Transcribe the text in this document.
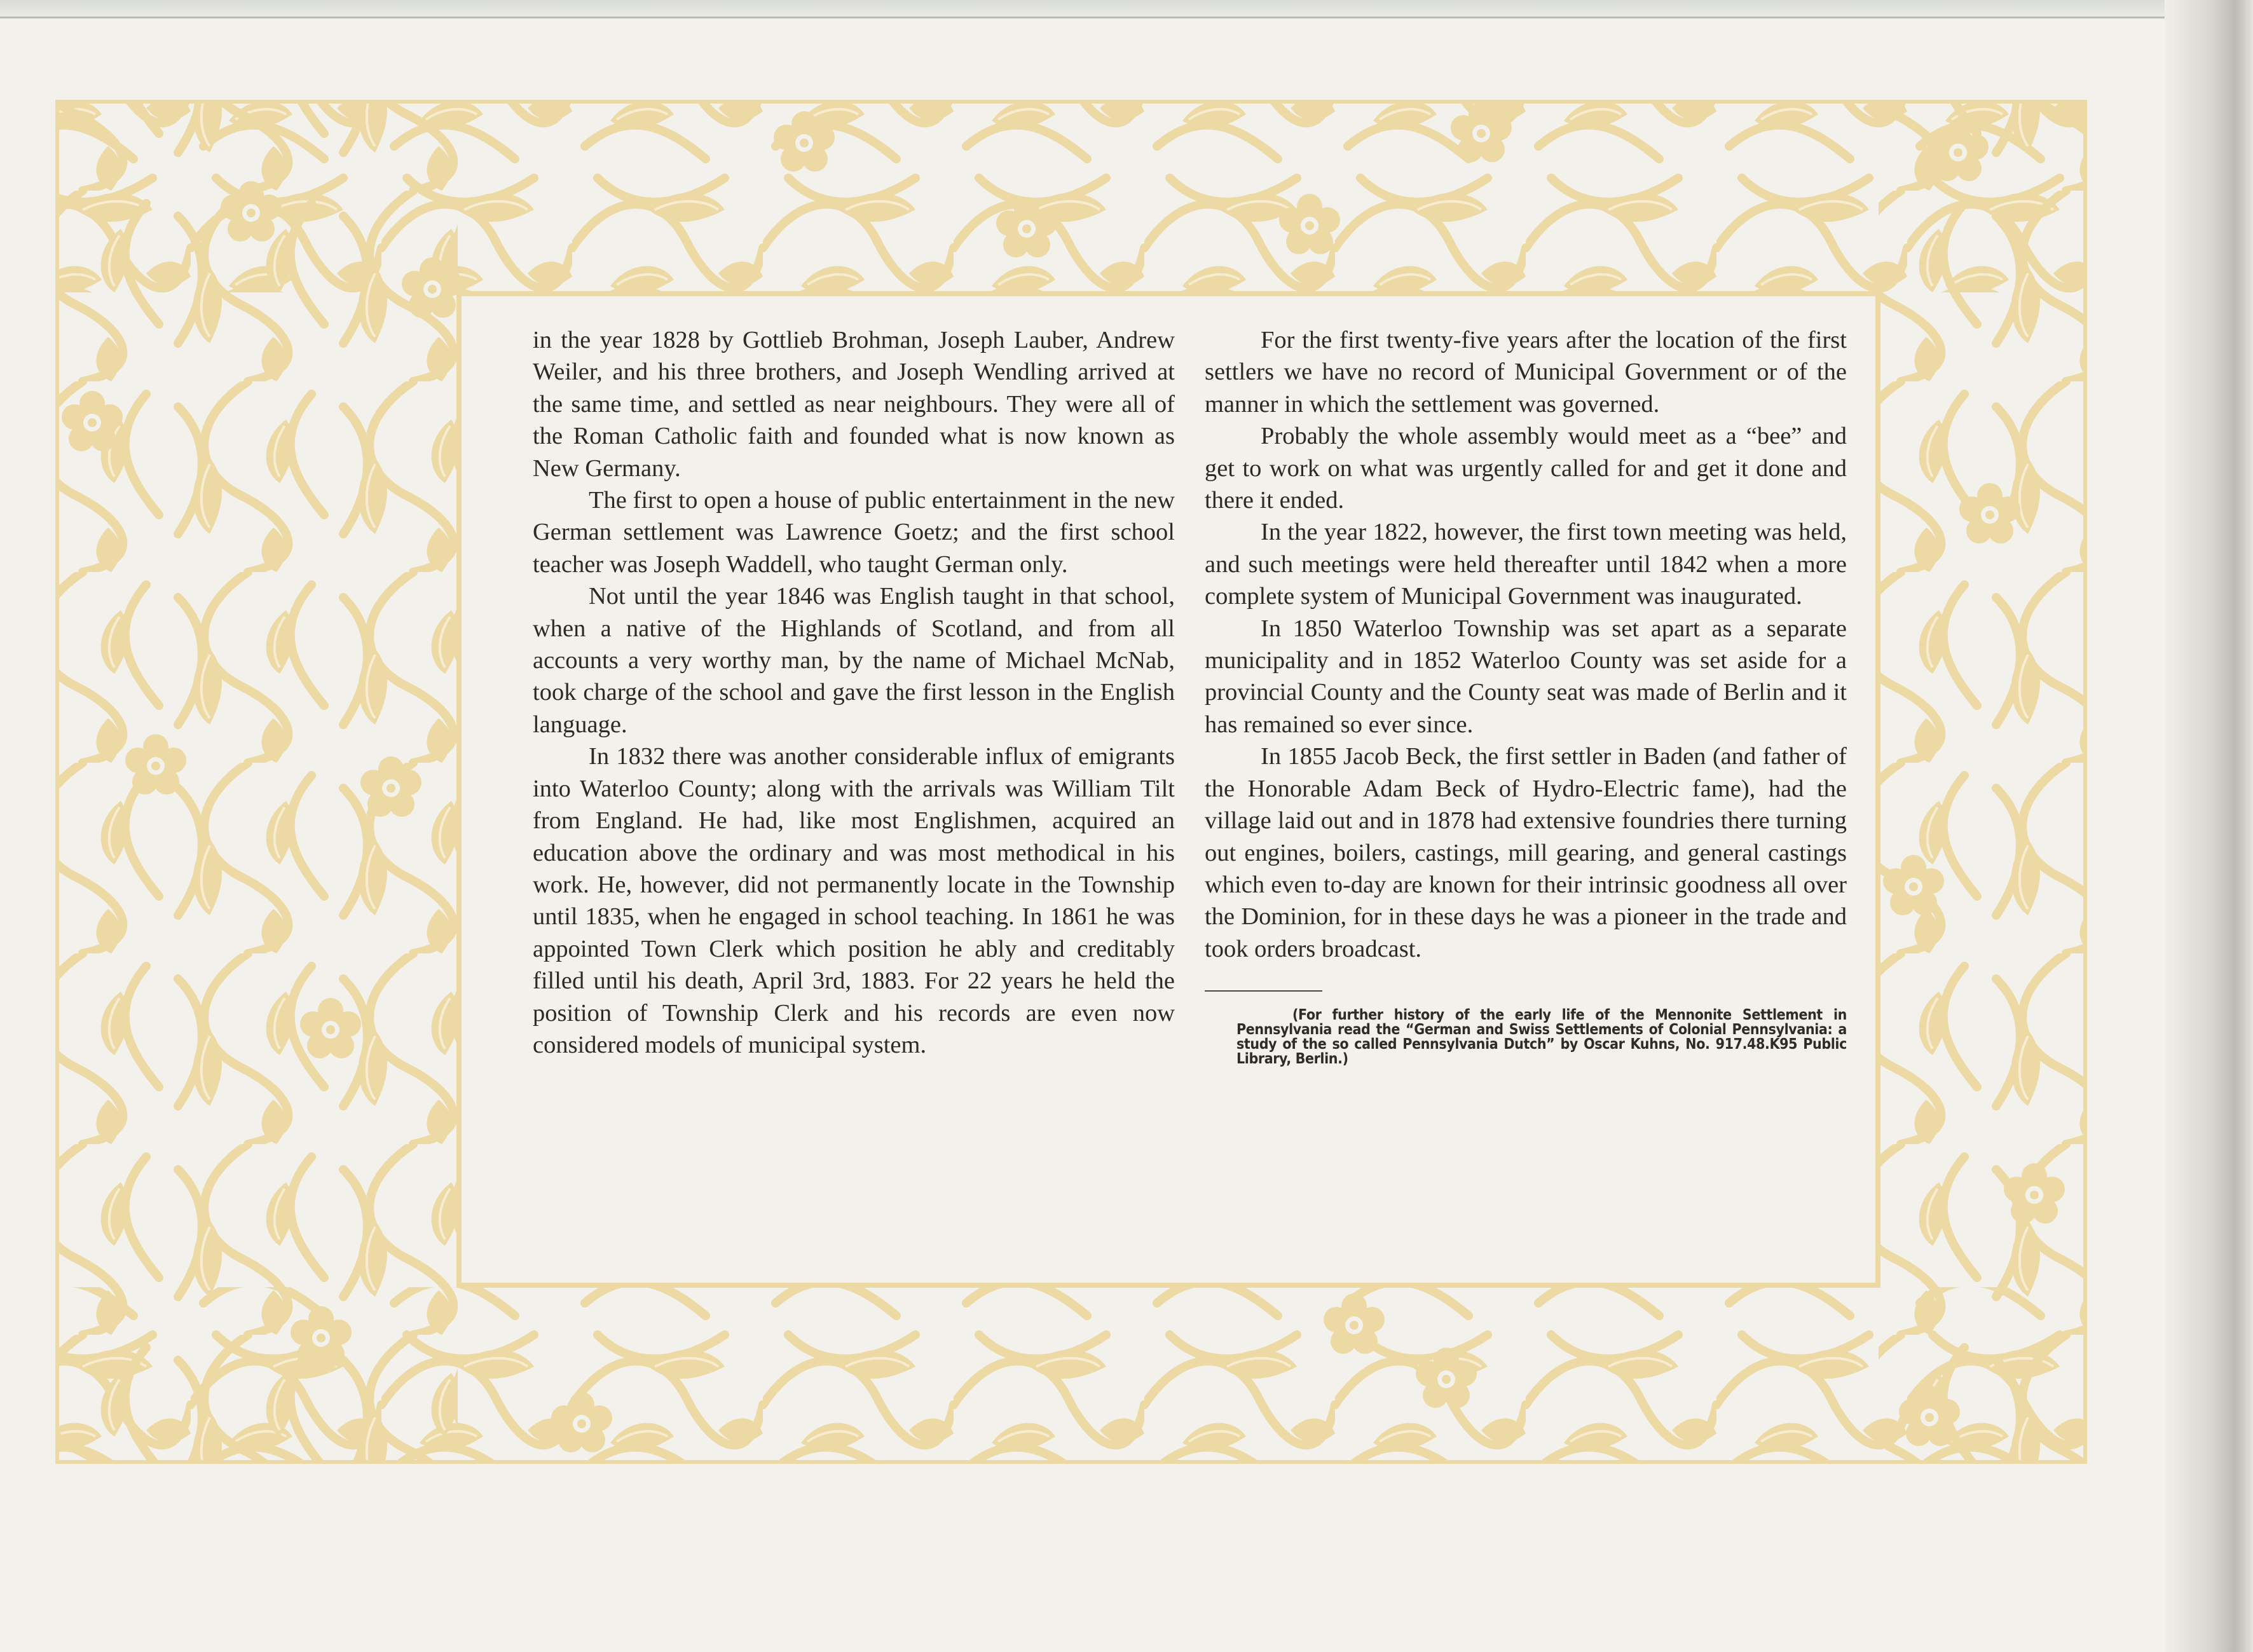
in the year 1828 by Gottlieb Brohman, Joseph Lauber, Andrew Weiler, and his three brothers, and Joseph Wendling arrived at the same time, and settled as near neighbours. They were all of the Roman Catholic faith and founded what is now known as New Germany.

The first to open a house of public entertainment in the new German settlement was Lawrence Goetz; and the first school teacher was Joseph Waddell, who taught German only.

Not until the year 1846 was English taught in that school, when a native of the Highlands of Scotland, and from all accounts a very worthy man, by the name of Michael McNab, took charge of the school and gave the first lesson in the English language.

In 1832 there was another considerable influx of emigrants into Waterloo County; along with the arrivals was William Tilt from England. He had, like most Englishmen, acquired an education above the ordinary and was most methodical in his work. He, however, did not permanently locate in the Township until 1835, when he engaged in school teaching. In 1861 he was appointed Town Clerk which position he ably and creditably filled until his death, April 3rd, 1883. For 22 years he held the position of Township Clerk and his records are even now considered models of municipal system.

For the first twenty-five years after the location of the first settlers we have no record of Municipal Government or of the manner in which the settlement was governed.

Probably the whole assembly would meet as a “bee” and get to work on what was urgently called for and get it done and there it ended.

In the year 1822, however, the first town meeting was held, and such meetings were held thereafter until 1842 when a more complete system of Municipal Government was inaugurated.

In 1850 Waterloo Township was set apart as a separate municipality and in 1852 Waterloo County was set aside for a provincial County and the County seat was made of Berlin and it has remained so ever since.

In 1855 Jacob Beck, the first settler in Baden (and father of the Honorable Adam Beck of Hydro-Electric fame), had the village laid out and in 1878 had extensive foundries there turning out engines, boilers, castings, mill gearing, and general castings which even to-day are known for their intrinsic goodness all over the Dominion, for in these days he was a pioneer in the trade and took orders broadcast.

(For further history of the early life of the Mennonite Settlement in Pennsylvania read the “German and Swiss Settlements of Colonial Pennsylvania: a study of the so called Pennsylvania Dutch” by Oscar Kuhns, No. 917.48.K95 Public Library, Berlin.)
